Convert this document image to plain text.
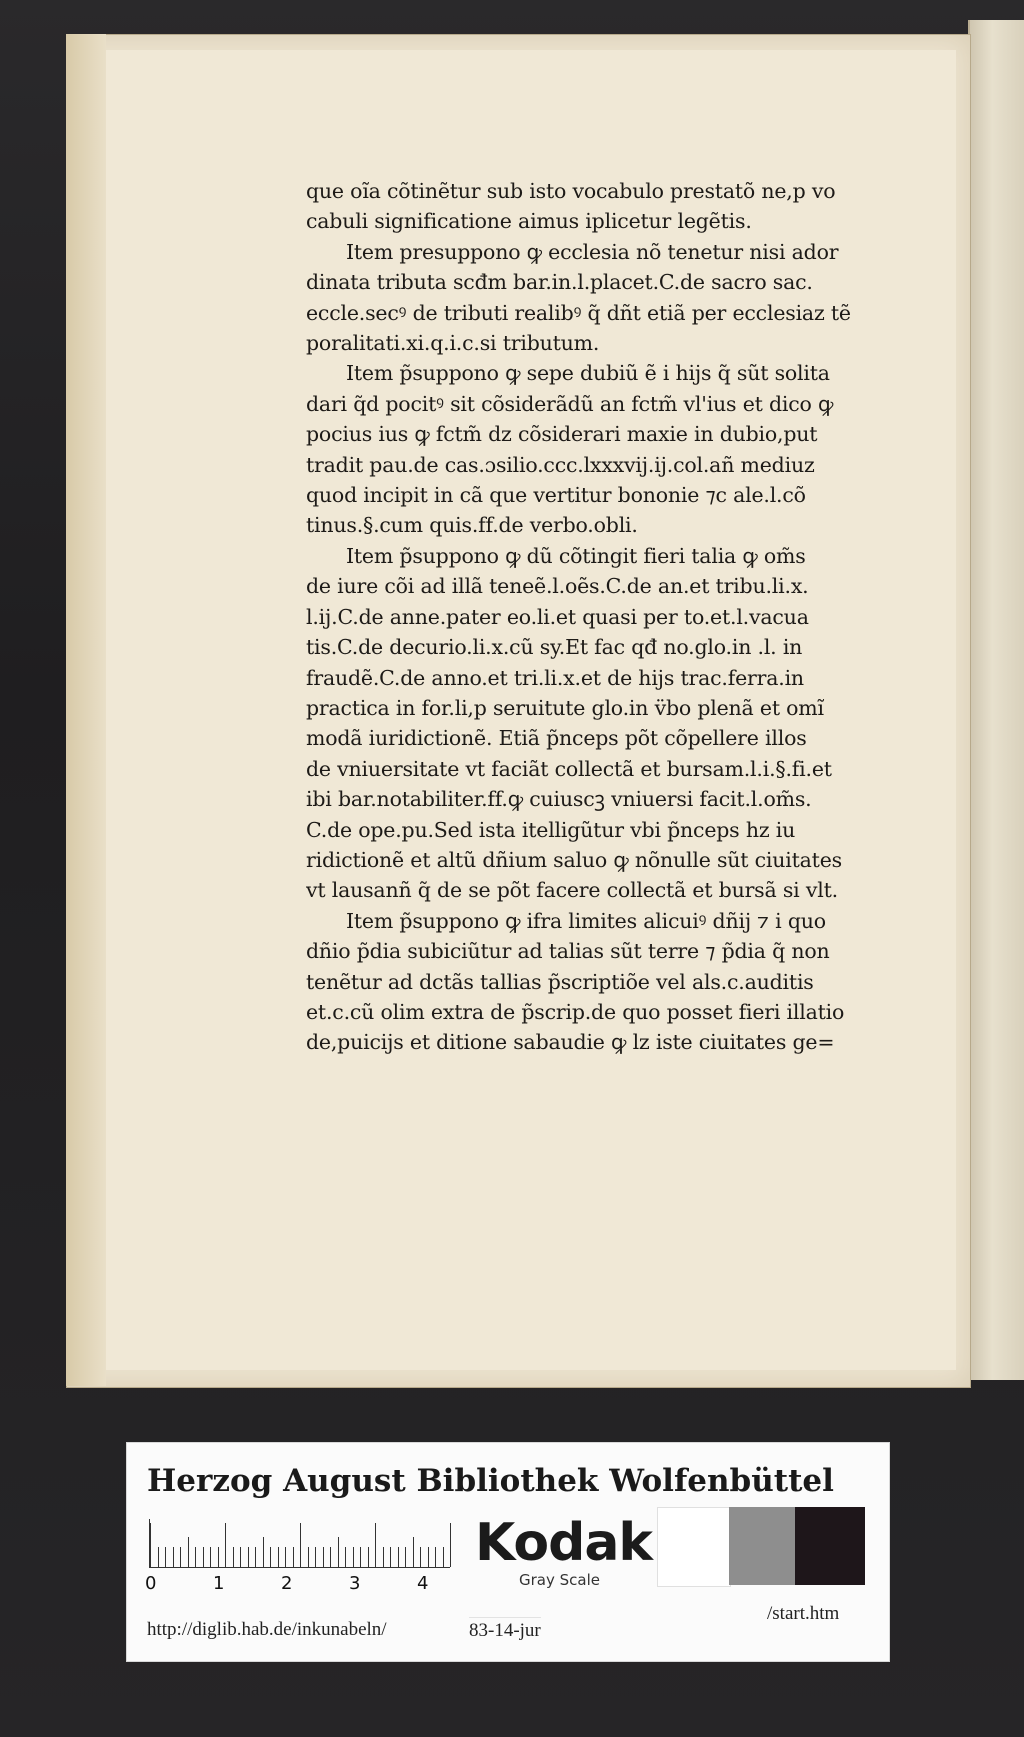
que oĩa cõtinẽtur sub isto vocabulo prestatõ ne,p vo
cabuli significatione aimus iplicetur legẽtis.
Item presuppono ꝙ ecclesia nõ tenetur nisi ador
dinata tributa scđm bar.in.l.placet.C.de sacro sac.
eccle.secꝰ de tributi realibꝰ q̃ dñt etiã per ecclesiaz tẽ
poralitati.xi.q.i.c.si tributum.
Item p̃suppono ꝙ sepe dubiũ ẽ i hijs q̃ sũt solita
dari q̃d pocitꝰ sit cõsiderãdũ an fctm̃ vl'ius et dico ꝙ
pocius ius ꝙ fctm̃ dz cõsiderari maxie in dubio,put
tradit pau.de cas.ɔsilio.ccc.lxxxvij.ij.col.añ mediuz
quod incipit in cã que vertitur bononie ⁊c ale.l.cõ
tinus.§.cum quis.ff.de verbo.obli.
Item p̃suppono ꝙ dũ cõtingit fieri talia ꝙ om̃s
de iure cõi ad illã teneẽ.l.oẽs.C.de an.et tribu.li.x.
l.ij.C.de anne.pater eo.li.et quasi per to.et.l.vacua
tis.C.de decurio.li.x.cũ sy.Et fac qđ no.glo.in .l. in
fraudẽ.C.de anno.et tri.li.x.et de hijs trac.ferra.in
practica in for.li,p seruitute glo.in v̈bo plenã et omĩ
modã iuridictionẽ. Etiã p̃nceps põt cõpellere illos
de vniuersitate vt faciãt collectã et bursam.l.i.§.fi.et
ibi bar.notabiliter.ff.ꝙ cuiuscꝫ vniuersi facit.l.om̃s.
C.de ope.pu.Sed ista itelligũtur vbi p̃nceps hz iu
ridictionẽ et altũ dñium saluo ꝙ nõnulle sũt ciuitates
vt lausanñ q̃ de se põt facere collectã et bursã si vlt.
Item p̃suppono ꝙ ifra limites alicuiꝰ dñij ⁊ i quo
dñio p̃dia subiciũtur ad talias sũt terre ⁊ p̃dia q̃ non
tenẽtur ad dctãs tallias p̃scriptiõe vel als.c.auditis
et.c.cũ olim extra de p̃scrip.de quo posset fieri illatio
de,puicijs et ditione sabaudie ꝙ lz iste ciuitates ge=
Herzog August Bibliothek Wolfenbüttel
0	1	2	3	4
Kodak
Gray Scale
http://diglib.hab.de/inkunabeln/	83-14-jur
/start.htm
